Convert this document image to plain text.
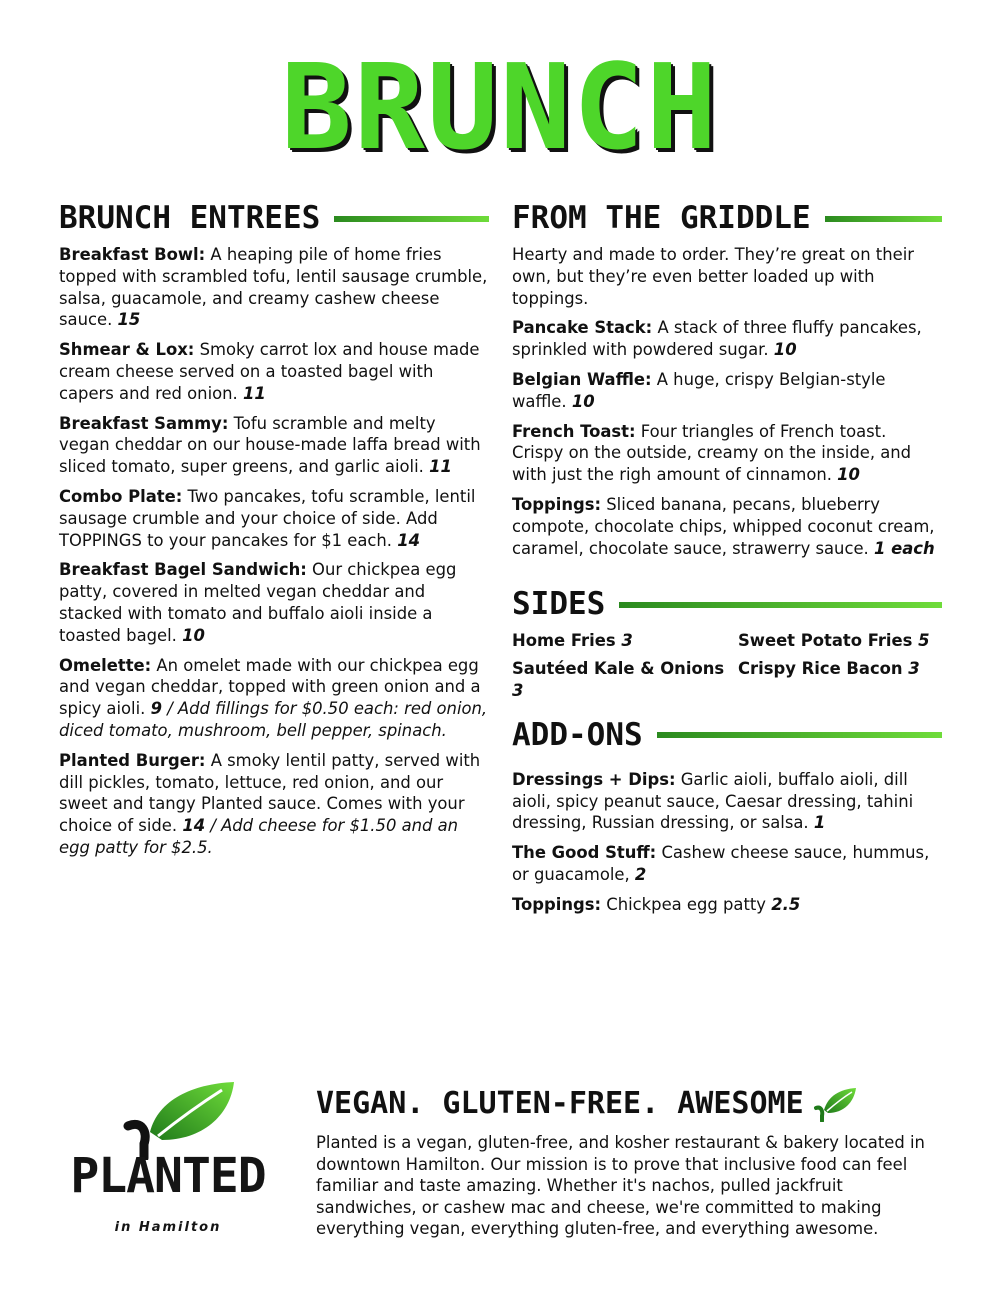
BRUNCH
BRUNCH ENTREES
Breakfast Bowl: A heaping pile of home fries topped with scrambled tofu, lentil sausage crumble, salsa, guacamole, and creamy cashew cheese sauce. 15
Shmear & Lox: Smoky carrot lox and house made cream cheese served on a toasted bagel with capers and red onion. 11
Breakfast Sammy: Tofu scramble and melty vegan cheddar on our house-made laffa bread with sliced tomato, super greens, and garlic aioli. 11
Combo Plate: Two pancakes, tofu scramble, lentil sausage crumble and your choice of side. Add TOPPINGS to your pancakes for $1 each. 14
Breakfast Bagel Sandwich: Our chickpea egg patty, covered in melted vegan cheddar and stacked with tomato and buffalo aioli inside a toasted bagel. 10
Omelette: An omelet made with our chickpea egg and vegan cheddar, topped with green onion and a spicy aioli. 9 / Add fillings for $0.50 each: red onion, diced tomato, mushroom, bell pepper, spinach.
Planted Burger: A smoky lentil patty, served with dill pickles, tomato, lettuce, red onion, and our sweet and tangy Planted sauce. Comes with your choice of side. 14 / Add cheese for $1.50 and an egg patty for $2.5.
FROM THE GRIDDLE
Hearty and made to order. They’re great on their own, but they’re even better loaded up with toppings.
Pancake Stack: A stack of three fluffy pancakes, sprinkled with powdered sugar. 10
Belgian Waffle: A huge, crispy Belgian-style waffle. 10
French Toast: Four triangles of French toast. Crispy on the outside, creamy on the inside, and with just the righ amount of cinnamon. 10
Toppings: Sliced banana, pecans, blueberry compote, chocolate chips, whipped coconut cream, caramel, chocolate sauce, strawerry sauce. 1 each
SIDES
Home Fries 3	Sweet Potato Fries 5
Sautéed Kale & Onions 3
Crispy Rice Bacon 3
ADD-ONS
Dressings + Dips: Garlic aioli, buffalo aioli, dill aioli, spicy peanut sauce, Caesar dressing, tahini dressing, Russian dressing, or salsa. 1
The Good Stuff: Cashew cheese sauce, hummus, or guacamole, 2
Toppings: Chickpea egg patty 2.5
PLANTED
in Hamilton
VEGAN. GLUTEN-FREE. AWESOME
Planted is a vegan, gluten-free, and kosher restaurant & bakery located in downtown Hamilton. Our mission is to prove that inclusive food can feel familiar and taste amazing. Whether it's nachos, pulled jackfruit sandwiches, or cashew mac and cheese, we're committed to making everything vegan, everything gluten-free, and everything awesome.
